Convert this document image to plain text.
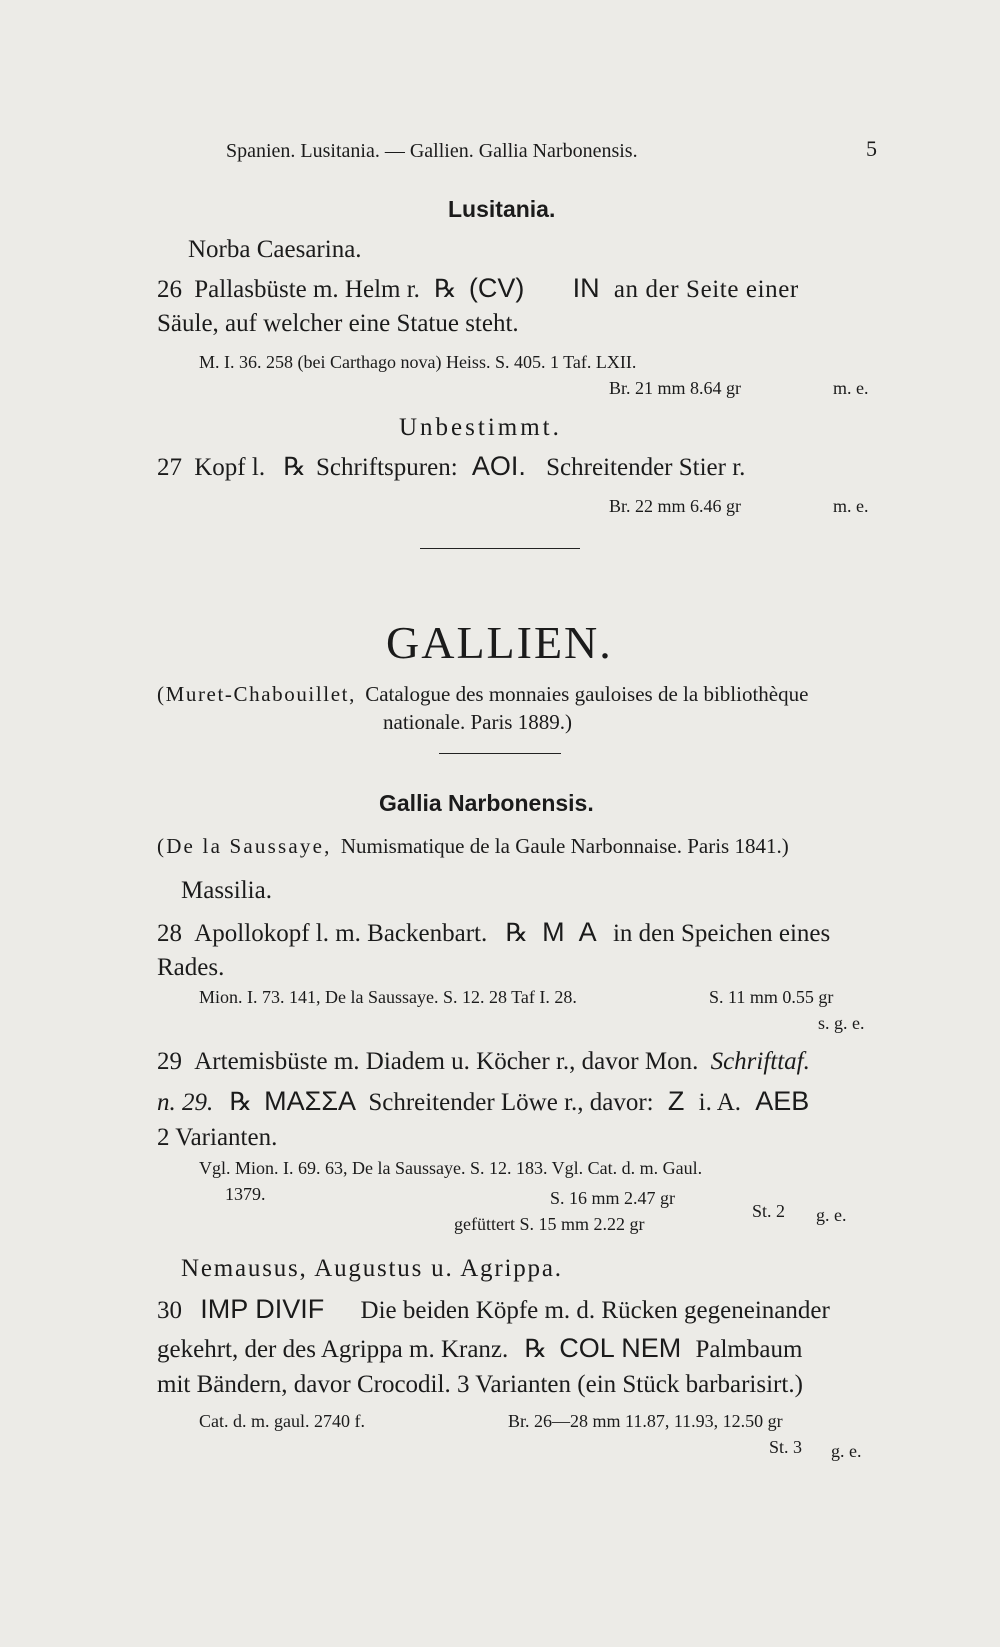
Spanien. Lusitania. — Gallien. Gallia Narbonensis.	5
Lusitania.
Norba Caesarina.
26 Pallasbüste m. Helm r. ℞ (CV) IN an der Seite einer
Säule, auf welcher eine Statue steht.
M. I. 36. 258 (bei Carthago nova) Heiss. S. 405. 1 Taf. LXII.
Br. 21 mm 8.64 gr	m. e.
Unbestimmt.
27 Kopf l. ℞ Schriftspuren: AOI. Schreitender Stier r.
Br. 22 mm 6.46 gr	m. e.
GALLIEN.
(Muret-Chabouillet, Catalogue des monnaies gauloises de la bibliothèque
nationale. Paris 1889.)
Gallia Narbonensis.
(De la Saussaye, Numismatique de la Gaule Narbonnaise. Paris 1841.)
Massilia.
28 Apollokopf l. m. Backenbart. ℞ M A in den Speichen eines
Rades.
Mion. I. 73. 141, De la Saussaye. S. 12. 28 Taf I. 28.	S. 11 mm 0.55 gr
s. g. e.
29 Artemisbüste m. Diadem u. Köcher r., davor Mon. Schrifttaf.
n. 29. ℞ ΜΑΣΣΑ Schreitender Löwe r., davor: Z i. A. AEB
2 Varianten.
Vgl. Mion. I. 69. 63, De la Saussaye. S. 12. 183. Vgl. Cat. d. m. Gaul.
1379.	S. 16 mm 2.47 gr
gefüttert S. 15 mm 2.22 gr
St. 2 g. e.
Nemausus, Augustus u. Agrippa.
30 IMP DIVIF Die beiden Köpfe m. d. Rücken gegeneinander
gekehrt, der des Agrippa m. Kranz. ℞ COL NEM Palmbaum
mit Bändern, davor Crocodil. 3 Varianten (ein Stück barbarisirt.)
Cat. d. m. gaul. 2740 f.	Br. 26—28 mm 11.87, 11.93, 12.50 gr
St. 3 g. e.
